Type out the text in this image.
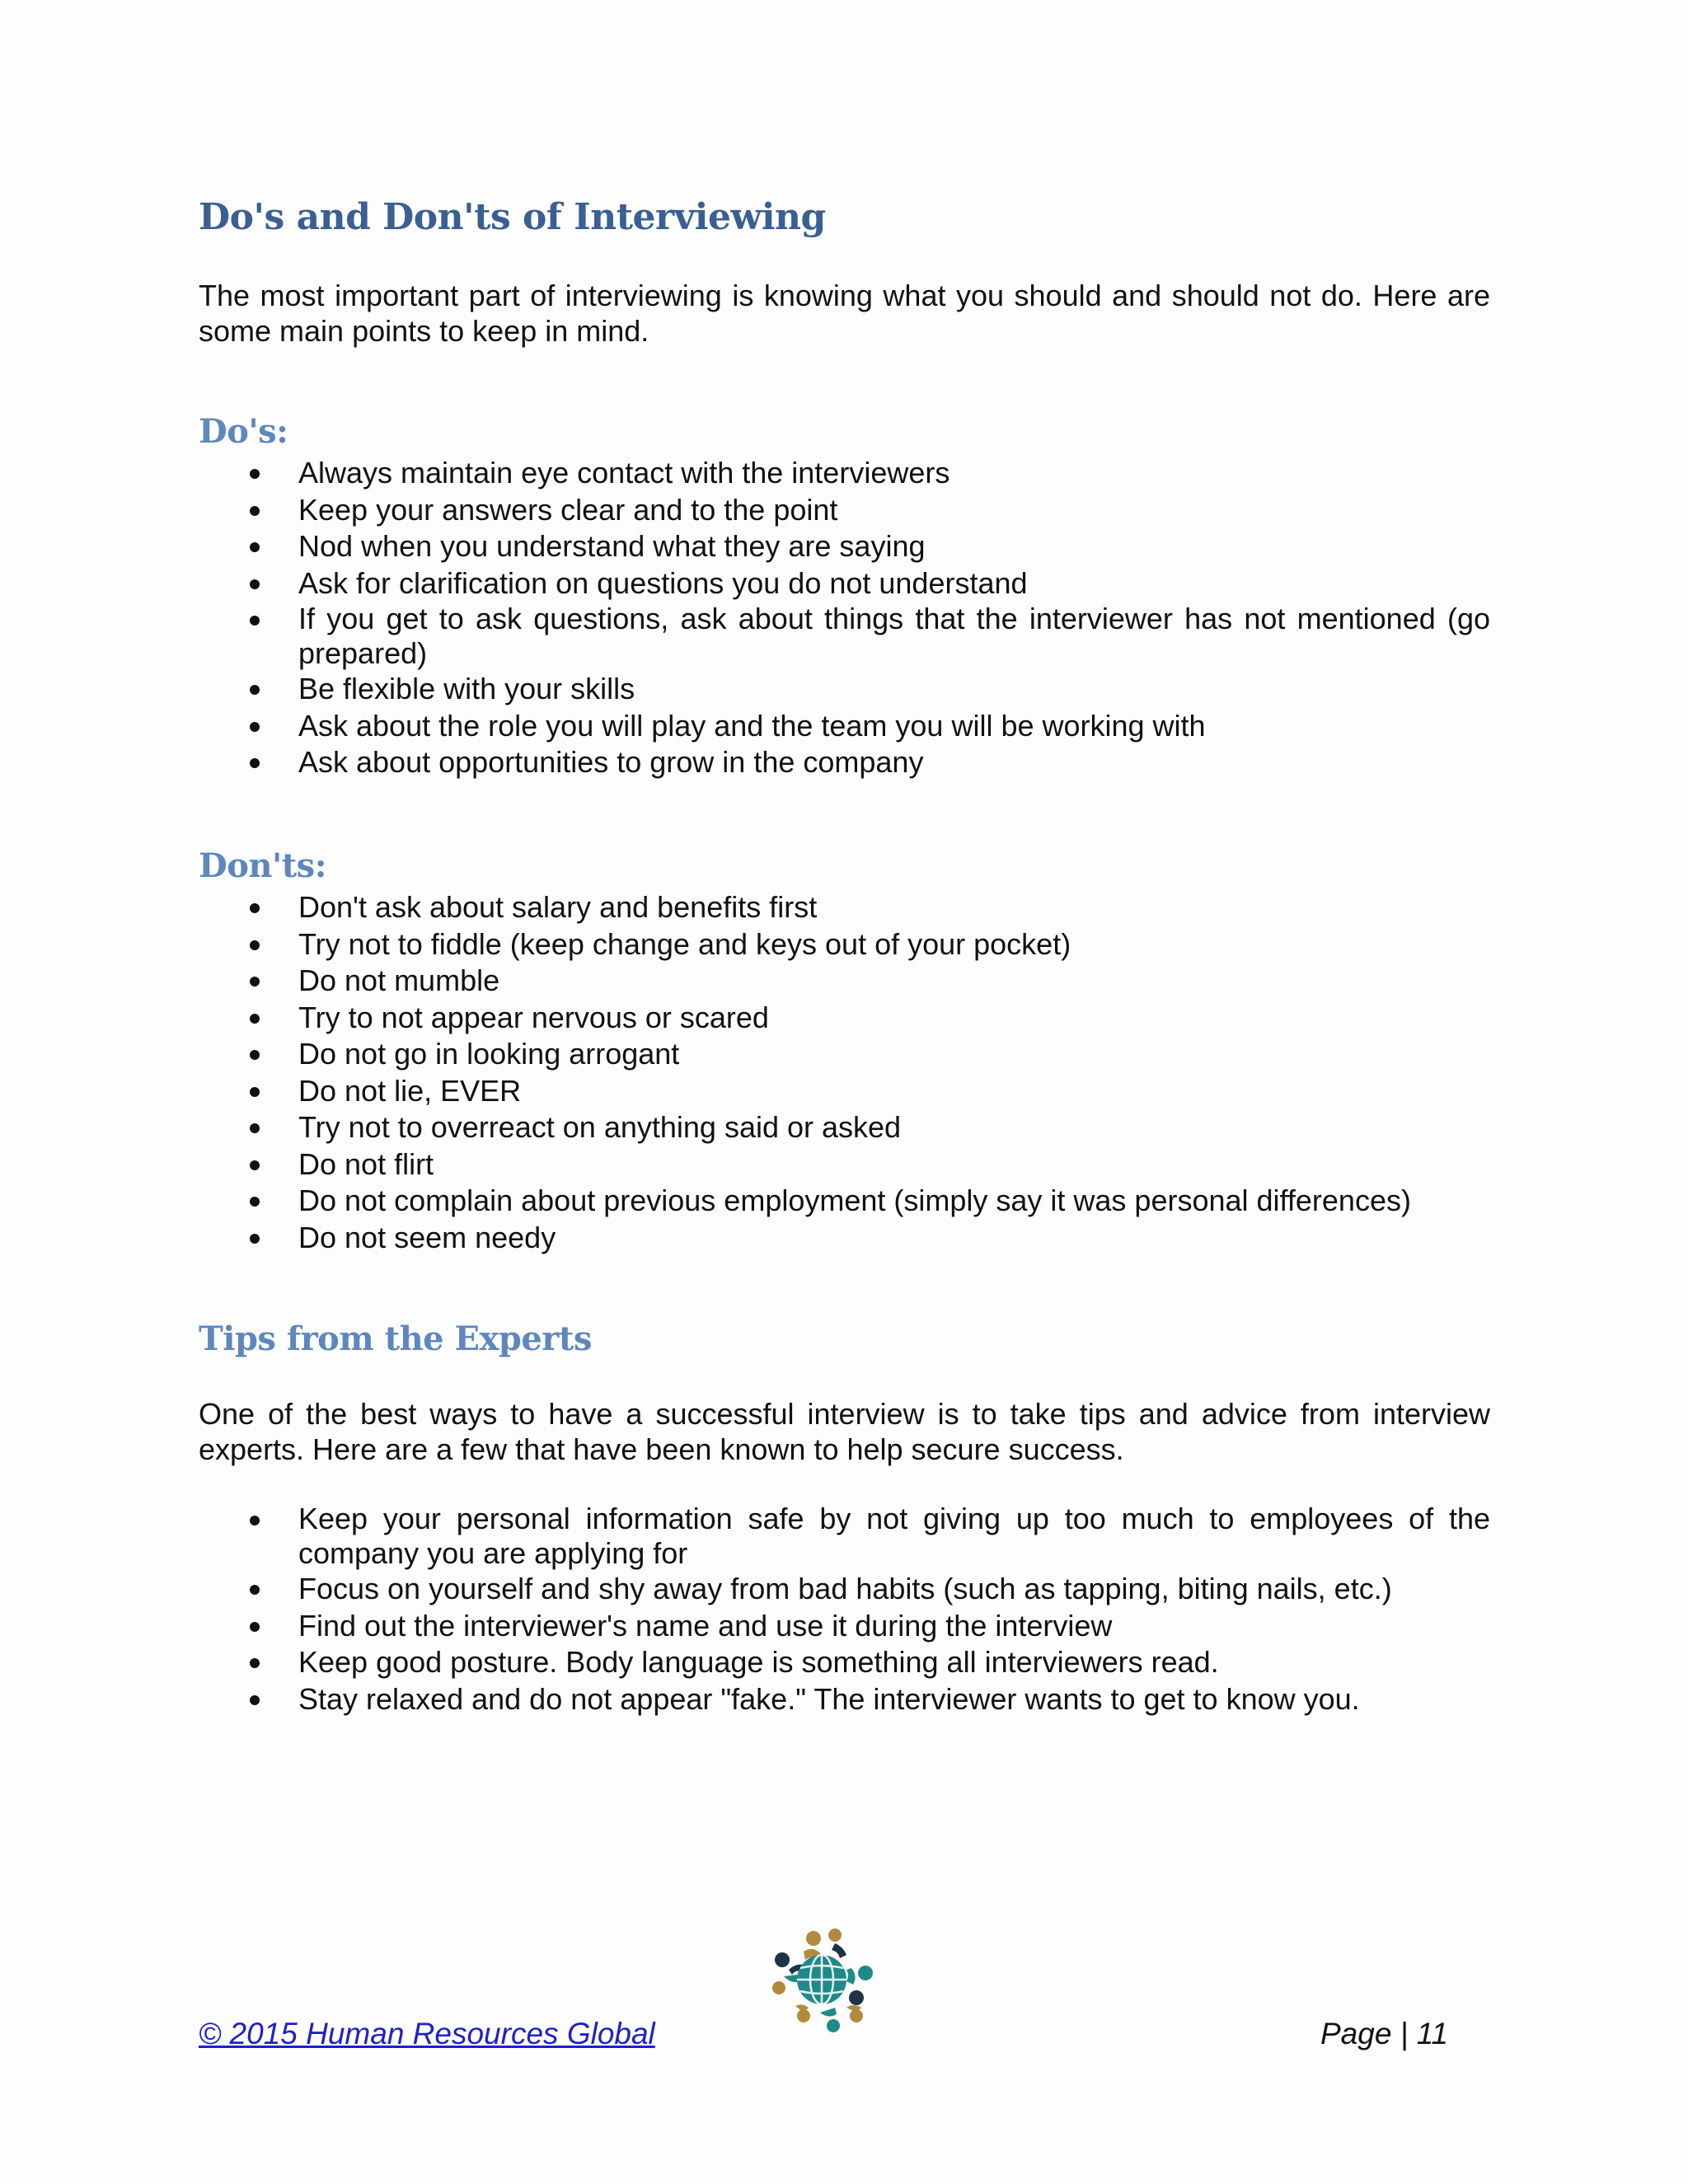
Do's and Don'ts of Interviewing

The most important part of interviewing is knowing what you should and should not do. Here are some main points to keep in mind.

Do's:
Always maintain eye contact with the interviewers
Keep your answers clear and to the point
Nod when you understand what they are saying
Ask for clarification on questions you do not understand
If you get to ask questions, ask about things that the interviewer has not mentioned (go prepared)
Be flexible with your skills
Ask about the role you will play and the team you will be working with
Ask about opportunities to grow in the company
Don'ts:
Don't ask about salary and benefits first
Try not to fiddle (keep change and keys out of your pocket)
Do not mumble
Try to not appear nervous or scared
Do not go in looking arrogant
Do not lie, EVER
Try not to overreact on anything said or asked
Do not flirt
Do not complain about previous employment (simply say it was personal differences)
Do not seem needy
Tips from the Experts

One of the best ways to have a successful interview is to take tips and advice from interview experts. Here are a few that have been known to help secure success.

Keep your personal information safe by not giving up too much to employees of the company you are applying for
Focus on yourself and shy away from bad habits (such as tapping, biting nails, etc.)
Find out the interviewer's name and use it during the interview
Keep good posture. Body language is something all interviewers read.
Stay relaxed and do not appear "fake." The interviewer wants to get to know you.
© 2015 Human Resources Global	Page | 11
